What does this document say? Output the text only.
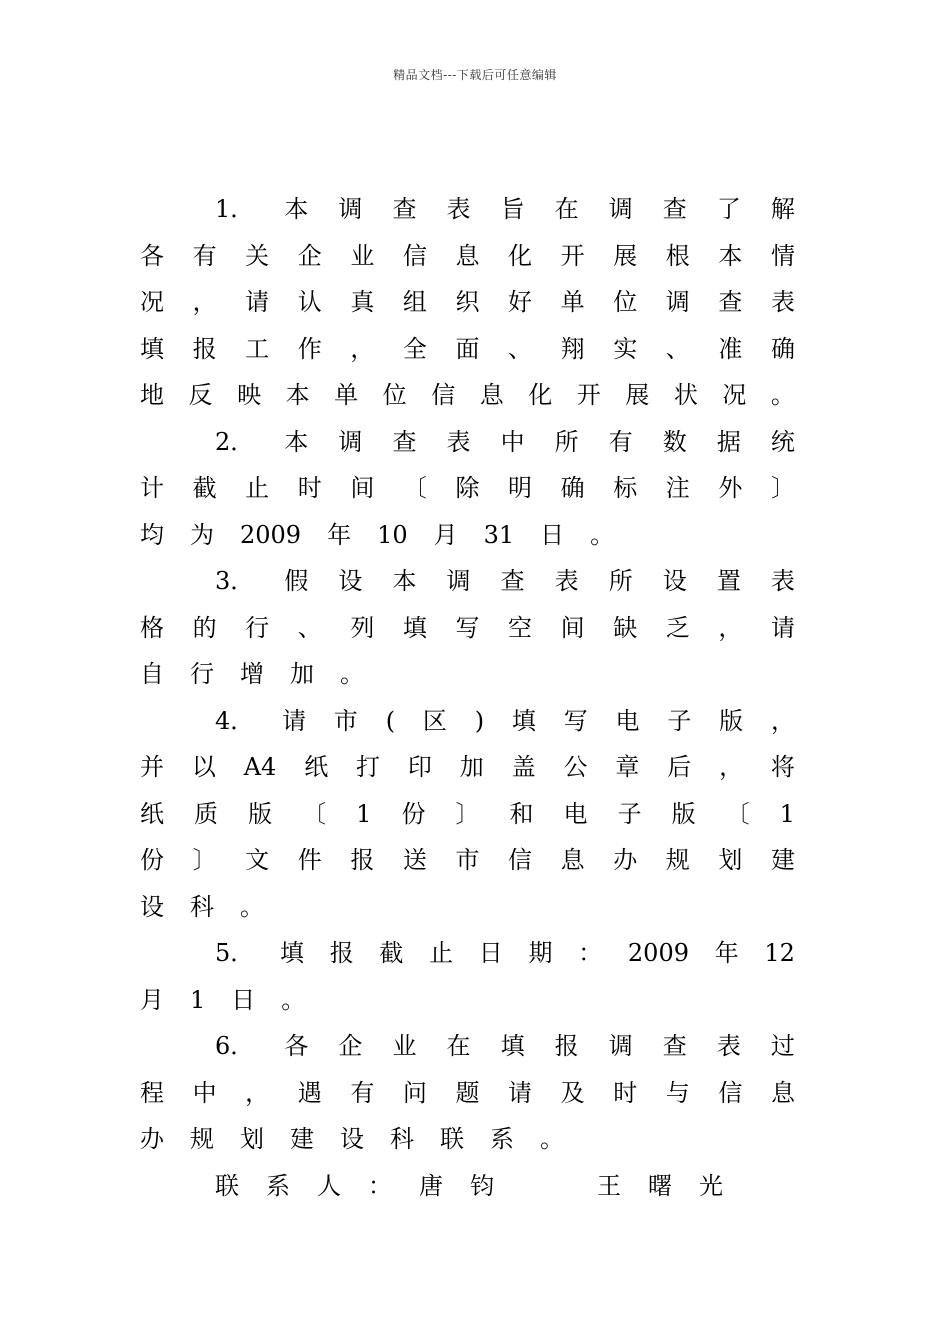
精品文档---下载后可任意编辑
1． 本 调 查 表 旨 在 调 查 了 解
各 有 关 企 业 信 息 化 开 展 根 本 情
况 ， 请 认 真 组 织 好 单 位 调 查 表
填 报 工 作 ， 全 面 、 翔 实 、 准 确
地 反 映 本 单 位 信 息 化 开 展 状 况 。
2． 本 调 查 表 中 所 有 数 据 统
计 截 止 时 间 〔 除 明 确 标 注 外 〕
均 为 2009 年 10 月 31 日 。
3． 假 设 本 调 查 表 所 设 置 表
格 的 行 、 列 填 写 空 间 缺 乏 ， 请
自 行 增 加 。
4． 请 市 ( 区 ) 填 写 电 子 版 ，
并 以 A4 纸 打 印 加 盖 公 章 后 ， 将
纸 质 版 〔 1 份 〕 和 电 子 版 〔 1
份 〕 文 件 报 送 市 信 息 办 规 划 建
设 科 。
5． 填 报 截 止 日 期 ： 2009 年 12
月 1 日 。
6． 各 企 业 在 填 报 调 查 表 过
程 中 ， 遇 有 问 题 请 及 时 与 信 息
办 规 划 建 设 科 联 系 。
联 系 人 ： 唐 钧	王 曙 光
